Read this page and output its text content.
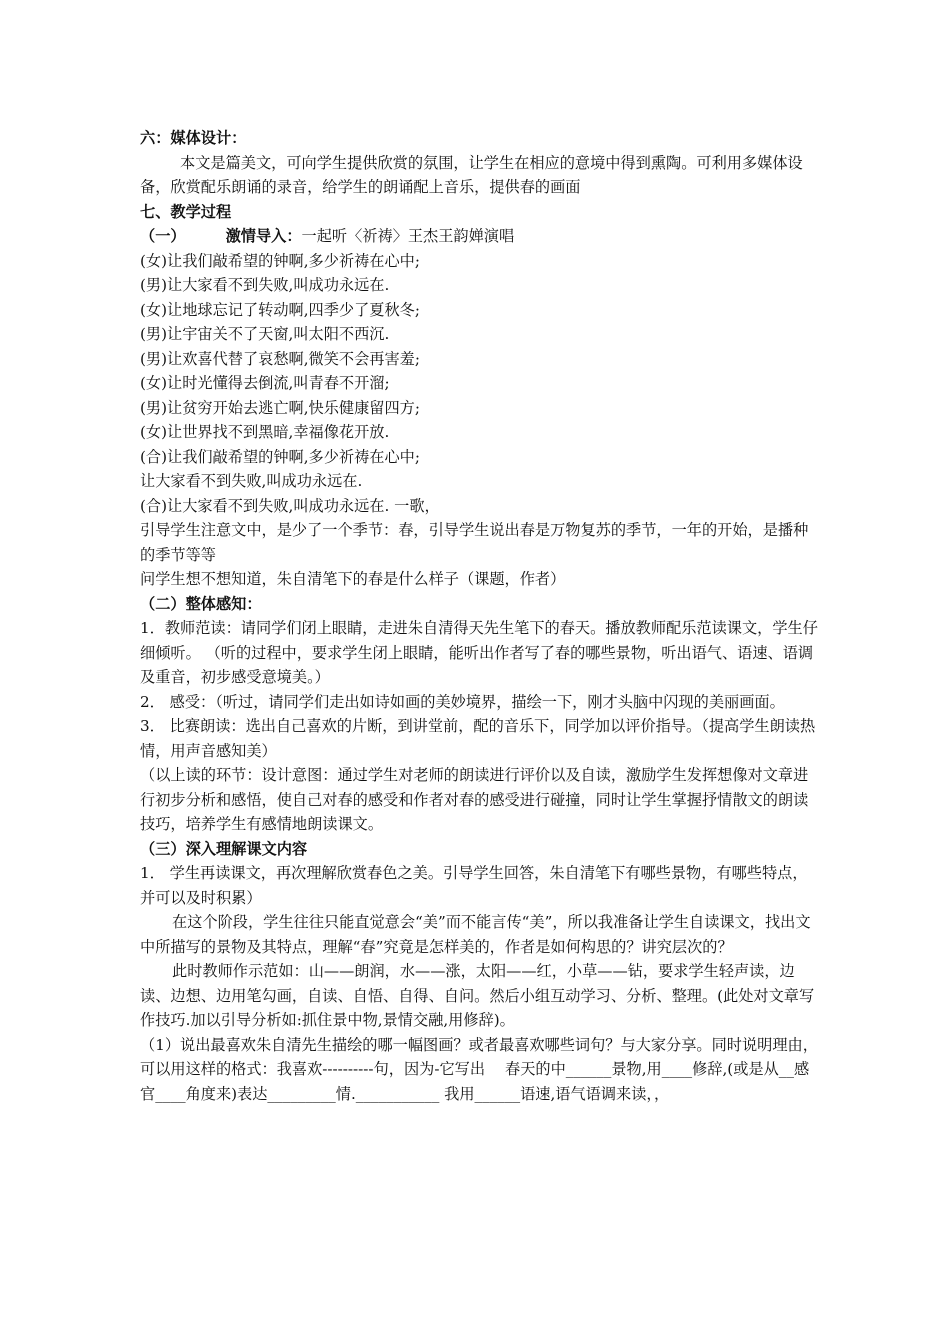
六：媒体设计：
本文是篇美文，可向学生提供欣赏的氛围，让学生在相应的意境中得到熏陶。可利用多媒体设备，欣赏配乐朗诵的录音，给学生的朗诵配上音乐，提供春的画面
七、教学过程
（一）	激情导入：一起听〈祈祷〉王杰王韵婵演唱
(女)让我们敲希望的钟啊,多少祈祷在心中;
(男)让大家看不到失败,叫成功永远在.
(女)让地球忘记了转动啊,四季少了夏秋冬;
(男)让宇宙关不了天窗,叫太阳不西沉.
(男)让欢喜代替了哀愁啊,微笑不会再害羞;
(女)让时光懂得去倒流,叫青春不开溜;
(男)让贫穷开始去逃亡啊,快乐健康留四方;
(女)让世界找不到黑暗,幸福像花开放.
(合)让我们敲希望的钟啊,多少祈祷在心中;
让大家看不到失败,叫成功永远在.
(合)让大家看不到失败,叫成功永远在. 一歌，
引导学生注意文中，是少了一个季节：春，引导学生说出春是万物复苏的季节，一年的开始，是播种的季节等等
问学生想不想知道，朱自清笔下的春是什么样子（课题，作者）
（二）整体感知：
1．教师范读：请同学们闭上眼睛，走进朱自清得天先生笔下的春天。播放教师配乐范读课文，学生仔细倾听。 （听的过程中，要求学生闭上眼睛，能听出作者写了春的哪些景物，听出语气、语速、语调及重音，初步感受意境美。）
2． 感受：（听过，请同学们走出如诗如画的美妙境界，描绘一下，刚才头脑中闪现的美丽画面。
3． 比赛朗读：选出自己喜欢的片断，到讲堂前，配的音乐下，同学加以评价指导。（提高学生朗读热情，用声音感知美）
（以上读的环节：设计意图：通过学生对老师的朗读进行评价以及自读，激励学生发挥想像对文章进行初步分析和感悟，使自己对春的感受和作者对春的感受进行碰撞，同时让学生掌握抒情散文的朗读技巧，培养学生有感情地朗读课文。
（三）深入理解课文内容
1． 学生再读课文，再次理解欣赏春色之美。引导学生回答，朱自清笔下有哪些景物，有哪些特点，并可以及时积累）
在这个阶段，学生往往只能直觉意会“美”而不能言传“美”，所以我准备让学生自读课文，找出文中所描写的景物及其特点，理解“春”究竟是怎样美的，作者是如何构思的？讲究层次的？
此时教师作示范如：山——朗润，水——涨，太阳——红，小草——钻，要求学生轻声读，边读、边想、边用笔勾画，自读、自悟、自得、自问。然后小组互动学习、分析、整理。(此处对文章写作技巧.加以引导分析如:抓住景中物,景情交融,用修辞)。
（1）说出最喜欢朱自清先生描绘的哪一幅图画？或者最喜欢哪些词句？与大家分享。同时说明理由，
可以用这样的格式：我喜欢----------句，因为-它写出　 春天的中______景物,用____修辞,(或是从__感官____角度来)表达_________情.___________ 我用______语速,语气语调来读，，
